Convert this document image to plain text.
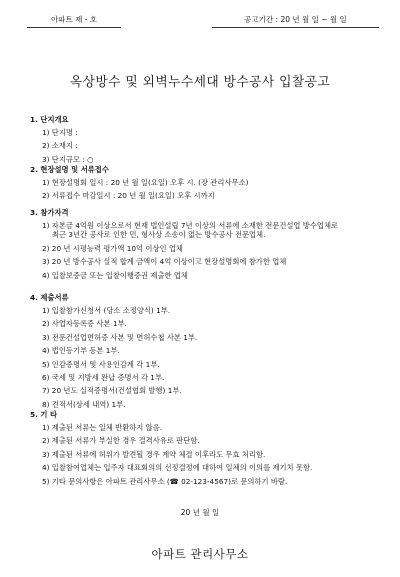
아파트 제 - 호	공고기간 : 20 년 월 일 ~ 월 일
옥상방수 및 외벽누수세대 방수공사 입찰공고
1. 단지개요
1) 단지명 :
2) 소재지 :
3) 단지규모 : ○
2. 현장설명 및 서류접수
1) 현장설명회 일시 : 20 년 월 일(요일) 오후 시. (장 관리사무소)
2) 서류접수 마감일시 : 20 년 월 일(요일) 오후 시까지
3. 참가자격
1) 자본금 4억원 이상으로서 현재 법인설립 7년 이상의 서류에 소재한 전문건설업 방수업체로
최근 3년간 공사로 인한 민, 형사상 소송이 없는 방수공사 전문업체.
2) 20 년 시평능력 평가액 10억 이상인 업체
3) 20 년 방수공사 실적 합계 금액이 4억 이상이고 현장설명회에 참가한 업체
4) 입찰보증금 또는 입찰이행증권 제출한 업체
4. 제출서류
1) 입찰참가신청서 (당소 소정양식) 1부.
2) 사업자등록증 사본 1부.
3) 전문건설업면허증 사본 및 면허수첩 사본 1부.
4) 법인등기부 등본 1부.
5) 인감증명서 및 사용인감계 각 1부.
6) 국세 및 지방세 완납 증명서 각 1부.
7) 20 년도 실적증명서(건설협회 발행) 1부.
8) 견적서(상세 내역) 1부.
5. 기 타
1) 제출된 서류는 일체 반환하지 않음.
2) 제출된 서류가 부실한 경우 결격사유로 판단함.
3) 제출된 서류에 허위가 발견될 경우 계약 체결 이후라도 무효 처리함.
4) 입찰참여업체는 입주자 대표회의의 선정결정에 대하여 일체의 이의를 제기치 못함.
5) 기타 문의사항은 아파트 관리사무소 (☎ 02-123-4567)로 문의하기 바람.
20 년 월 일
아파트 관리사무소
